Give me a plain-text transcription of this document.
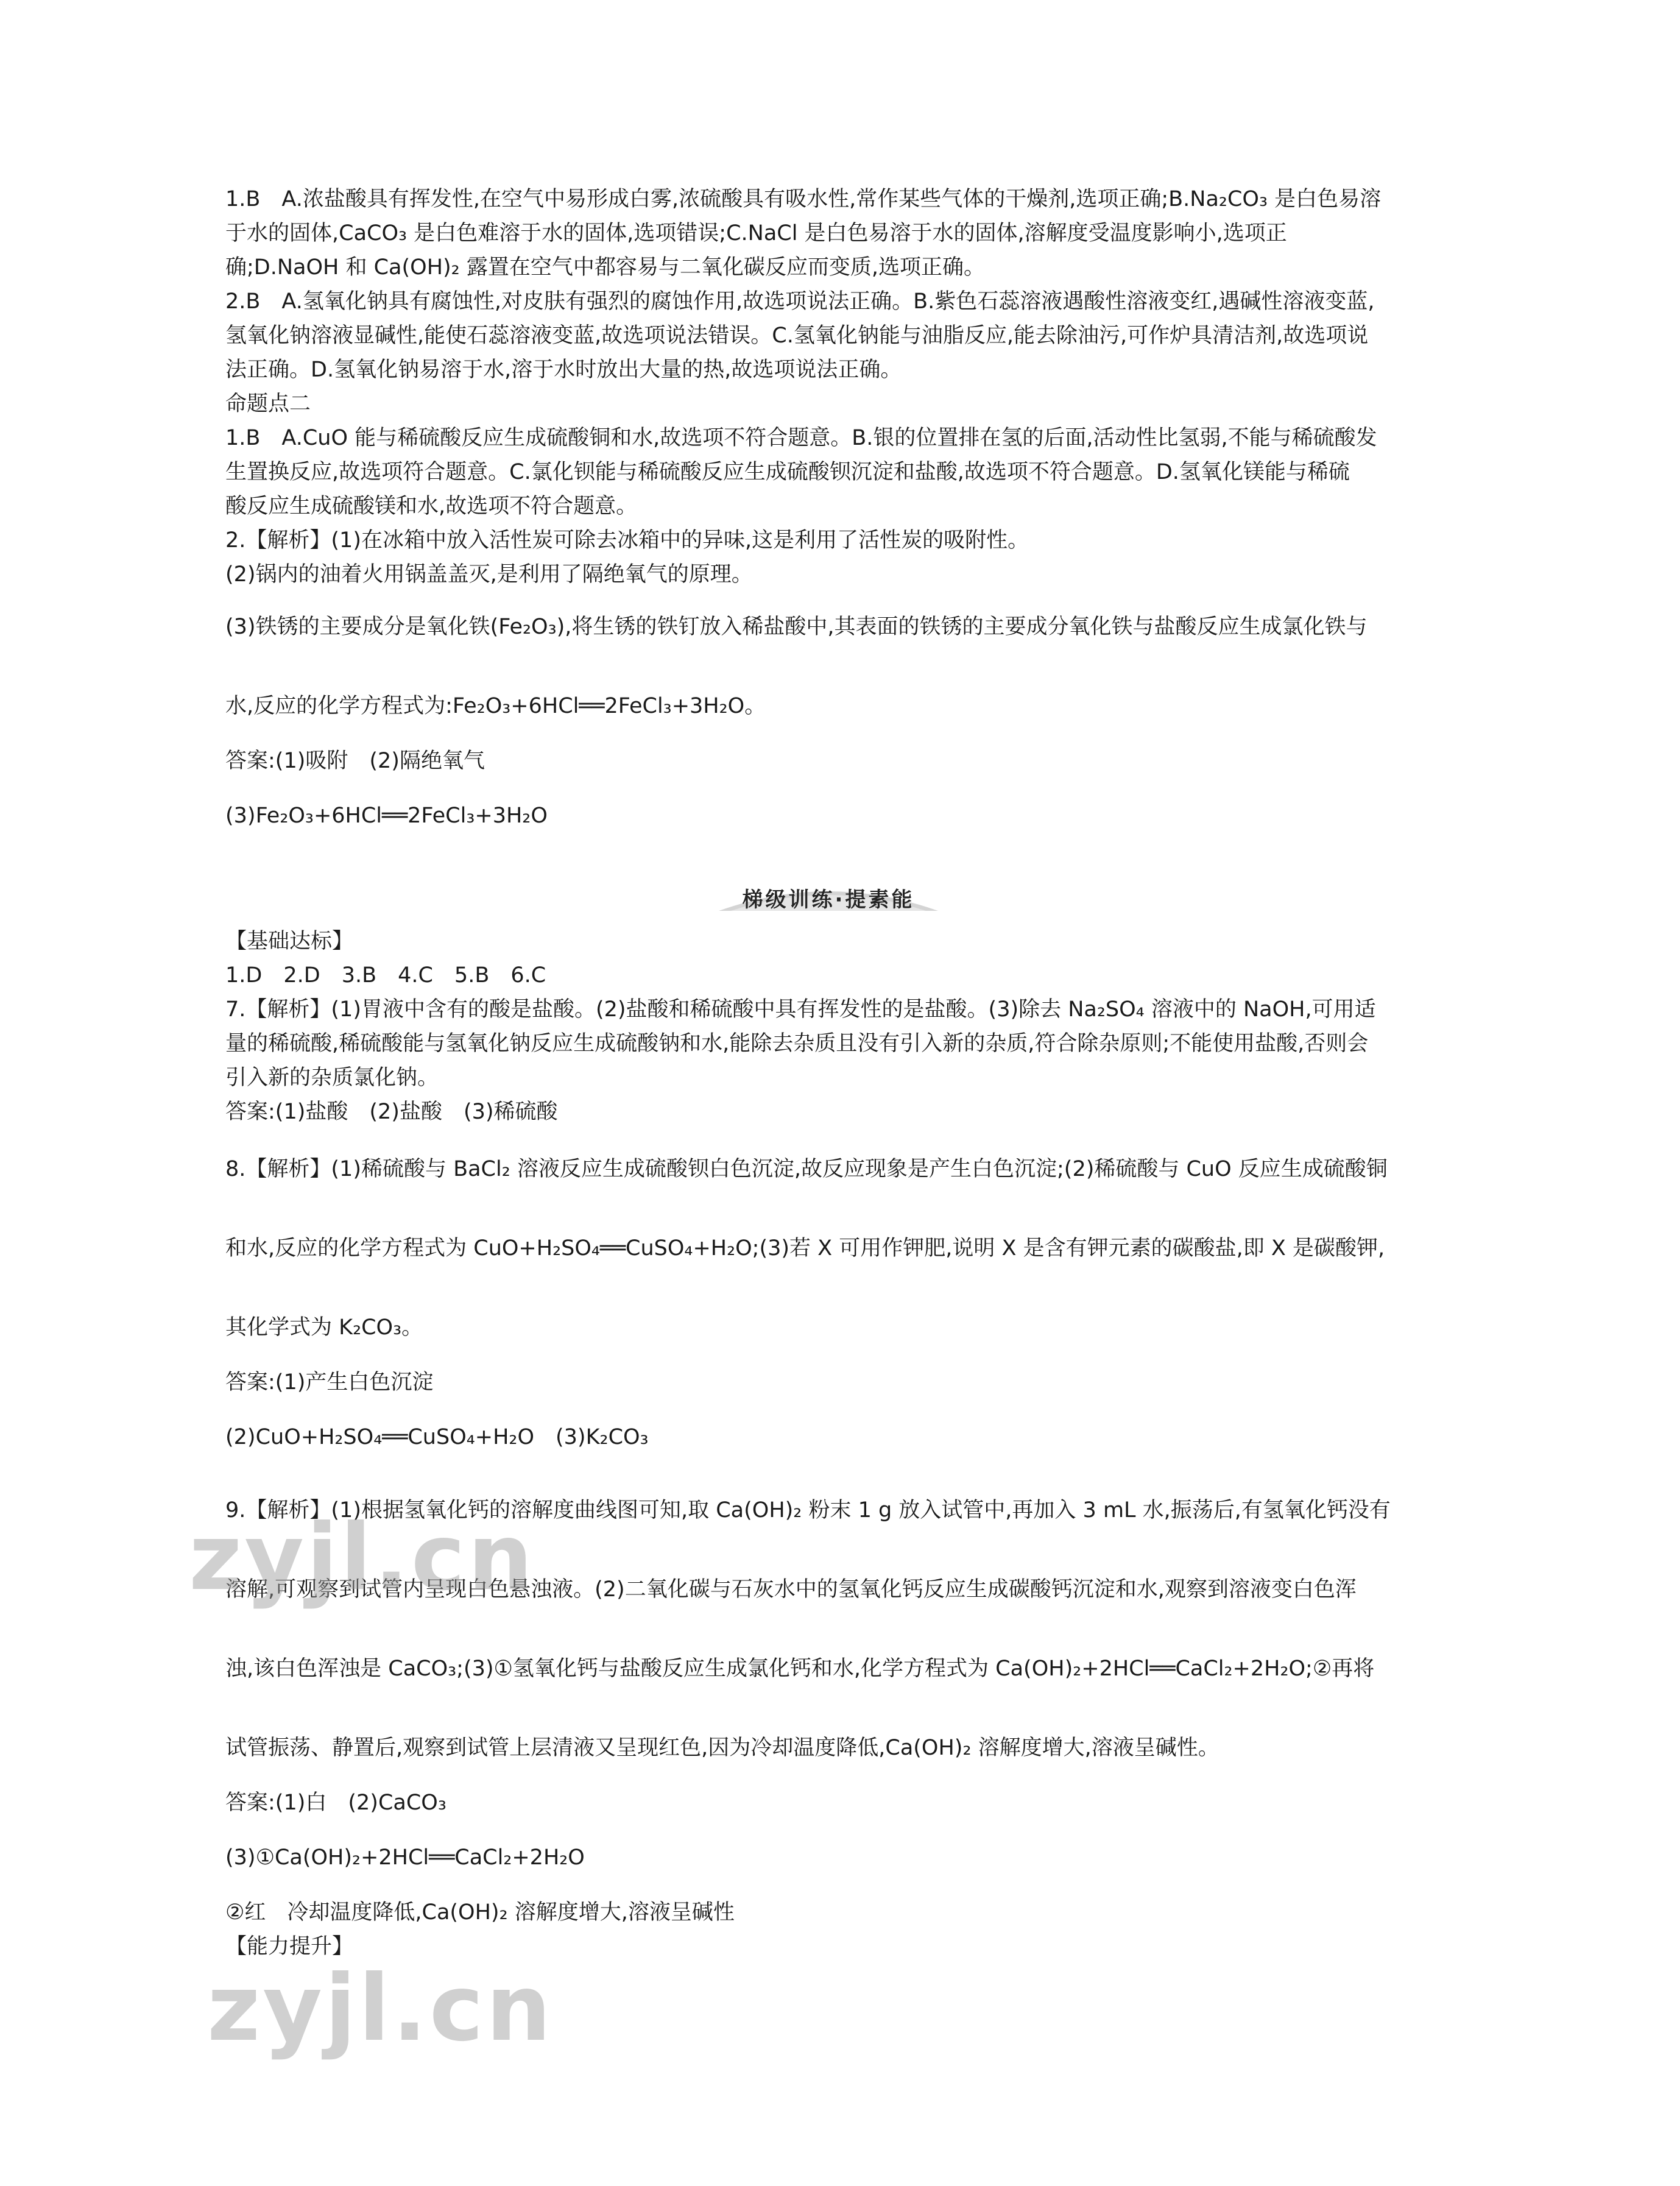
1.B　A.浓盐酸具有挥发性,在空气中易形成白雾,浓硫酸具有吸水性,常作某些气体的干燥剂,选项正确;B.Na₂CO₃ 是白色易溶
于水的固体,CaCO₃ 是白色难溶于水的固体,选项错误;C.NaCl 是白色易溶于水的固体,溶解度受温度影响小,选项正
确;D.NaOH 和 Ca(OH)₂ 露置在空气中都容易与二氧化碳反应而变质,选项正确。
2.B　A.氢氧化钠具有腐蚀性,对皮肤有强烈的腐蚀作用,故选项说法正确。B.紫色石蕊溶液遇酸性溶液变红,遇碱性溶液变蓝,
氢氧化钠溶液显碱性,能使石蕊溶液变蓝,故选项说法错误。C.氢氧化钠能与油脂反应,能去除油污,可作炉具清洁剂,故选项说
法正确。D.氢氧化钠易溶于水,溶于水时放出大量的热,故选项说法正确。
命题点二
1.B　A.CuO 能与稀硫酸反应生成硫酸铜和水,故选项不符合题意。B.银的位置排在氢的后面,活动性比氢弱,不能与稀硫酸发
生置换反应,故选项符合题意。C.氯化钡能与稀硫酸反应生成硫酸钡沉淀和盐酸,故选项不符合题意。D.氢氧化镁能与稀硫
酸反应生成硫酸镁和水,故选项不符合题意。
2.【解析】(1)在冰箱中放入活性炭可除去冰箱中的异味,这是利用了活性炭的吸附性。
(2)锅内的油着火用锅盖盖灭,是利用了隔绝氧气的原理。
(3)铁锈的主要成分是氧化铁(Fe₂O₃),将生锈的铁钉放入稀盐酸中,其表面的铁锈的主要成分氧化铁与盐酸反应生成氯化铁与
水,反应的化学方程式为:Fe₂O₃+6HCl══2FeCl₃+3H₂O。
答案:(1)吸附　(2)隔绝氧气
(3)Fe₂O₃+6HCl══2FeCl₃+3H₂O
梯级训练·提素能
【基础达标】
1.D　2.D　3.B　4.C　5.B　6.C
7.【解析】(1)胃液中含有的酸是盐酸。(2)盐酸和稀硫酸中具有挥发性的是盐酸。(3)除去 Na₂SO₄ 溶液中的 NaOH,可用适
量的稀硫酸,稀硫酸能与氢氧化钠反应生成硫酸钠和水,能除去杂质且没有引入新的杂质,符合除杂原则;不能使用盐酸,否则会
引入新的杂质氯化钠。
答案:(1)盐酸　(2)盐酸　(3)稀硫酸
8.【解析】(1)稀硫酸与 BaCl₂ 溶液反应生成硫酸钡白色沉淀,故反应现象是产生白色沉淀;(2)稀硫酸与 CuO 反应生成硫酸铜
和水,反应的化学方程式为 CuO+H₂SO₄══CuSO₄+H₂O;(3)若 X 可用作钾肥,说明 X 是含有钾元素的碳酸盐,即 X 是碳酸钾,
其化学式为 K₂CO₃。
答案:(1)产生白色沉淀
(2)CuO+H₂SO₄══CuSO₄+H₂O　(3)K₂CO₃
9.【解析】(1)根据氢氧化钙的溶解度曲线图可知,取 Ca(OH)₂ 粉末 1 g 放入试管中,再加入 3 mL 水,振荡后,有氢氧化钙没有
溶解,可观察到试管内呈现白色悬浊液。(2)二氧化碳与石灰水中的氢氧化钙反应生成碳酸钙沉淀和水,观察到溶液变白色浑
浊,该白色浑浊是 CaCO₃;(3)①氢氧化钙与盐酸反应生成氯化钙和水,化学方程式为 Ca(OH)₂+2HCl══CaCl₂+2H₂O;②再将
试管振荡、静置后,观察到试管上层清液又呈现红色,因为冷却温度降低,Ca(OH)₂ 溶解度增大,溶液呈碱性。
答案:(1)白　(2)CaCO₃
(3)①Ca(OH)₂+2HCl══CaCl₂+2H₂O
②红　冷却温度降低,Ca(OH)₂ 溶解度增大,溶液呈碱性
【能力提升】
zyjl.cn
zyjl.cn
